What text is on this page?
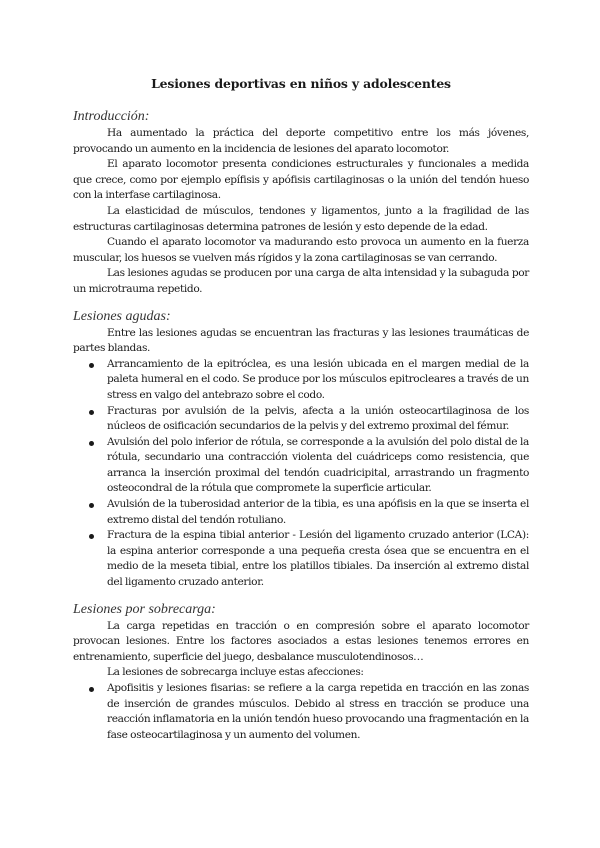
Lesiones deportivas en niños y adolescentes
Introducción:

Ha aumentado la práctica del deporte competitivo entre los más jóvenes, provocando un aumento en la incidencia de lesiones del aparato locomotor.

El aparato locomotor presenta condiciones estructurales y funcionales a medida que crece, como por ejemplo epífisis y apófisis cartilaginosas o la unión del tendón hueso con la interfase cartilaginosa.

La elasticidad de músculos, tendones y ligamentos, junto a la fragilidad de las estructuras cartilaginosas determina patrones de lesión y esto depende de la edad.

Cuando el aparato locomotor va madurando esto provoca un aumento en la fuerza muscular, los huesos se vuelven más rígidos y la zona cartilaginosas se van cerrando.

Las lesiones agudas se producen por una carga de alta intensidad y la subaguda por un microtrauma repetido.

Lesiones agudas:

Entre las lesiones agudas se encuentran las fracturas y las lesiones traumáticas de partes blandas.

Arrancamiento de la epitróclea, es una lesión ubicada en el margen medial de la paleta humeral en el codo. Se produce por los músculos epitrocleares a través de un stress en valgo del antebrazo sobre el codo.
Fracturas por avulsión de la pelvis, afecta a la unión osteocartilaginosa de los núcleos de osificación secundarios de la pelvis y del extremo proximal del fémur.
Avulsión del polo inferior de rótula, se corresponde a la avulsión del polo distal de la rótula, secundario una contracción violenta del cuádriceps como resistencia, que arranca la inserción proximal del tendón cuadricipital, arrastrando un fragmento osteocondral de la rótula que compromete la superficie articular.
Avulsión de la tuberosidad anterior de la tibia, es una apófisis en la que se inserta el extremo distal del tendón rotuliano.
Fractura de la espina tibial anterior - Lesión del ligamento cruzado anterior (LCA): la espina anterior corresponde a una pequeña cresta ósea que se encuentra en el medio de la meseta tibial, entre los platillos tibiales. Da inserción al extremo distal del ligamento cruzado anterior.
Lesiones por sobrecarga:

La carga repetidas en tracción o en compresión sobre el aparato locomotor provocan lesiones. Entre los factores asociados a estas lesiones tenemos errores en entrenamiento, superficie del juego, desbalance musculotendinosos…

La lesiones de sobrecarga incluye estas afecciones:

Apofisitis y lesiones fisarias: se refiere a la carga repetida en tracción en las zonas de inserción de grandes músculos. Debido al stress en tracción se produce una reacción inflamatoria en la unión tendón hueso provocando una fragmentación en la fase osteocartilaginosa y un aumento del volumen.
